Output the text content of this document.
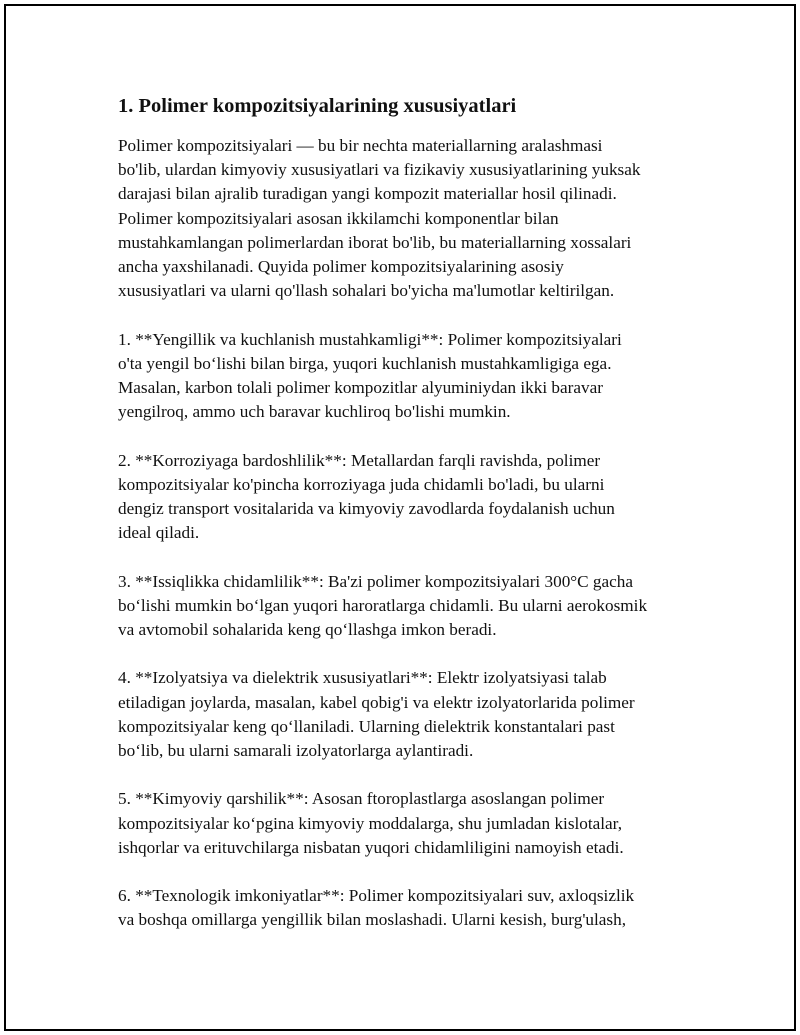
1. Polimer kompozitsiyalarining xususiyatlari
Polimer kompozitsiyalari — bu bir nechta materiallarning aralashmasi
bo'lib, ulardan kimyoviy xususiyatlari va fizikaviy xususiyatlarining yuksak
darajasi bilan ajralib turadigan yangi kompozit materiallar hosil qilinadi.
Polimer kompozitsiyalari asosan ikkilamchi komponentlar bilan
mustahkamlangan polimerlardan iborat bo'lib, bu materiallarning xossalari
ancha yaxshilanadi. Quyida polimer kompozitsiyalarining asosiy
xususiyatlari va ularni qo'llash sohalari bo'yicha ma'lumotlar keltirilgan.
1. **Yengillik va kuchlanish mustahkamligi**: Polimer kompozitsiyalari
o'ta yengil bo‘lishi bilan birga, yuqori kuchlanish mustahkamligiga ega.
Masalan, karbon tolali polimer kompozitlar alyuminiydan ikki baravar
yengilroq, ammo uch baravar kuchliroq bo'lishi mumkin.
2. **Korroziyaga bardoshlilik**: Metallardan farqli ravishda, polimer
kompozitsiyalar ko'pincha korroziyaga juda chidamli bo'ladi, bu ularni
dengiz transport vositalarida va kimyoviy zavodlarda foydalanish uchun
ideal qiladi.
3. **Issiqlikka chidamlilik**: Ba'zi polimer kompozitsiyalari 300°C gacha
bo‘lishi mumkin bo‘lgan yuqori haroratlarga chidamli. Bu ularni aerokosmik
va avtomobil sohalarida keng qo‘llashga imkon beradi.
4. **Izolyatsiya va dielektrik xususiyatlari**: Elektr izolyatsiyasi talab
etiladigan joylarda, masalan, kabel qobig'i va elektr izolyatorlarida polimer
kompozitsiyalar keng qo‘llaniladi. Ularning dielektrik konstantalari past
bo‘lib, bu ularni samarali izolyatorlarga aylantiradi.
5. **Kimyoviy qarshilik**: Asosan ftoroplastlarga asoslangan polimer
kompozitsiyalar ko‘pgina kimyoviy moddalarga, shu jumladan kislotalar,
ishqorlar va erituvchilarga nisbatan yuqori chidamliligini namoyish etadi.
6. **Texnologik imkoniyatlar**: Polimer kompozitsiyalari suv, axloqsizlik
va boshqa omillarga yengillik bilan moslashadi. Ularni kesish, burg'ulash,
